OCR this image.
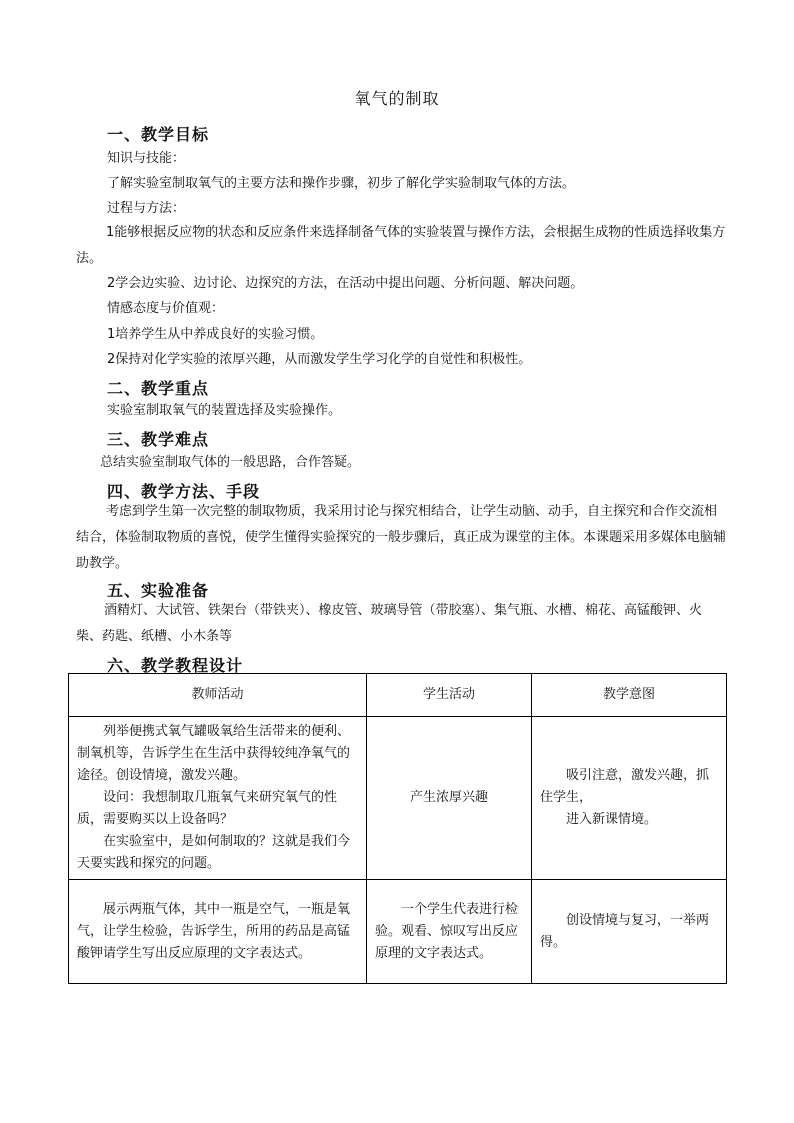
氧气的制取
一、教学目标
知识与技能：
了解实验室制取氧气的主要方法和操作步骤，初步了解化学实验制取气体的方法。
过程与方法：
1能够根据反应物的状态和反应条件来选择制备气体的实验装置与操作方法，会根据生成物的性质选择收集方法。
2学会边实验、边讨论、边探究的方法，在活动中提出问题、分析问题、解决问题。
情感态度与价值观：
1培养学生从中养成良好的实验习惯。
2保持对化学实验的浓厚兴趣，从而激发学生学习化学的自觉性和积极性。
二、教学重点
实验室制取氧气的装置选择及实验操作。
三、教学难点
总结实验室制取气体的一般思路，合作答疑。
四、教学方法、手段
考虑到学生第一次完整的制取物质，我采用讨论与探究相结合，让学生动脑、动手，自主探究和合作交流相结合，体验制取物质的喜悦，使学生懂得实验探究的一般步骤后，真正成为课堂的主体。本课题采用多媒体电脑辅助教学。
五、实验准备
酒精灯、大试管、铁架台（带铁夹）、橡皮管、玻璃导管（带胶塞）、集气瓶、水槽、棉花、高锰酸钾、火柴、药匙、纸槽、小木条等
六、教学教程设计
教师活动	学生活动	教学意图

列举便携式氧气罐吸氧给生活带来的便利、制氧机等，告诉学生在生活中获得较纯净氧气的途径。创设情境，激发兴趣。
设问：我想制取几瓶氧气来研究氧气的性质，需要购买以上设备吗？
在实验室中，是如何制取的？这就是我们今天要实践和探究的问题。	产生浓厚兴趣	吸引注意，激发兴趣，抓住学生，
进入新课情境。

展示两瓶气体，其中一瓶是空气，一瓶是氧气，让学生检验，告诉学生，所用的药品是高锰酸钾请学生写出反应原理的文字表达式。	一个学生代表进行检验。观看、惊叹写出反应原理的文字表达式。	创设情境与复习，一举两得。
